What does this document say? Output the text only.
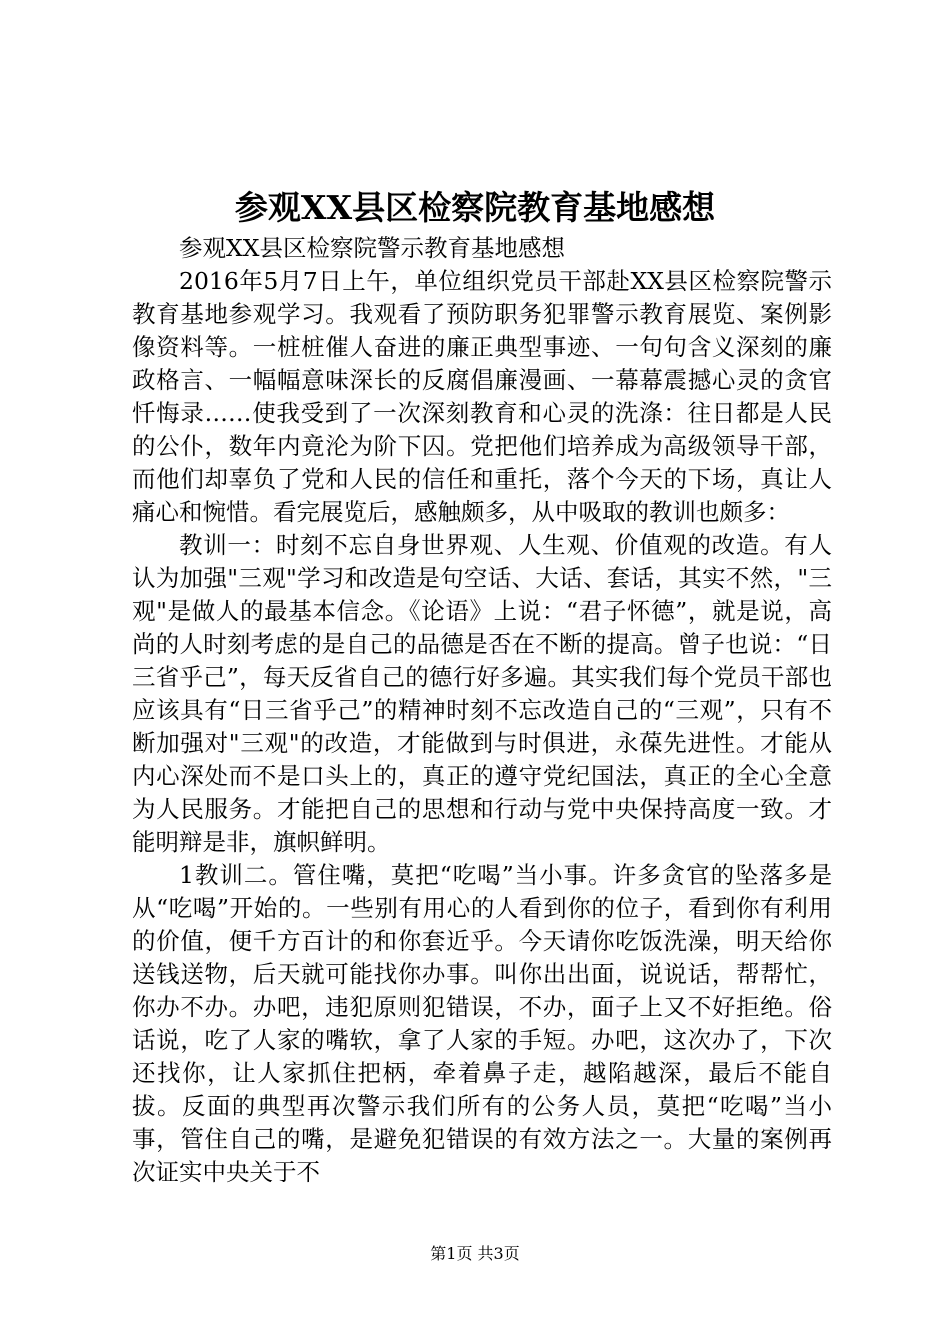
参观XX县区检察院教育基地感想

参观XX县区检察院警示教育基地感想

2016年5月7日上午，单位组织党员干部赴XX县区检察院警示教育基地参观学习。我观看了预防职务犯罪警示教育展览、案例影像资料等。一桩桩催人奋进的廉正典型事迹、一句句含义深刻的廉政格言、一幅幅意味深长的反腐倡廉漫画、一幕幕震撼心灵的贪官忏悔录……使我受到了一次深刻教育和心灵的洗涤：往日都是人民的公仆，数年内竟沦为阶下囚。党把他们培养成为高级领导干部，而他们却辜负了党和人民的信任和重托，落个今天的下场，真让人痛心和惋惜。看完展览后，感触颇多，从中吸取的教训也颇多：

教训一：时刻不忘自身世界观、人生观、价值观的改造。有人认为加强"三观"学习和改造是句空话、大话、套话，其实不然，"三观"是做人的最基本信念。《论语》上说：“君子怀德”，就是说，高尚的人时刻考虑的是自己的品德是否在不断的提高。曾子也说：“日三省乎己”，每天反省自己的德行好多遍。其实我们每个党员干部也应该具有“日三省乎己”的精神时刻不忘改造自己的“三观”，只有不断加强对"三观"的改造，才能做到与时俱进，永葆先进性。才能从内心深处而不是口头上的，真正的遵守党纪国法，真正的全心全意为人民服务。才能把自己的思想和行动与党中央保持高度一致。才能明辩是非，旗帜鲜明。

1教训二。管住嘴，莫把“吃喝”当小事。许多贪官的坠落多是从“吃喝”开始的。一些别有用心的人看到你的位子，看到你有利用的价值，便千方百计的和你套近乎。今天请你吃饭洗澡，明天给你送钱送物，后天就可能找你办事。叫你出出面，说说话，帮帮忙，你办不办。办吧，违犯原则犯错误，不办，面子上又不好拒绝。俗话说，吃了人家的嘴软，拿了人家的手短。办吧，这次办了，下次还找你，让人家抓住把柄，牵着鼻子走，越陷越深，最后不能自拔。反面的典型再次警示我们所有的公务人员，莫把“吃喝”当小事，管住自己的嘴，是避免犯错误的有效方法之一。大量的案例再次证实中央关于不

第1页 共3页
